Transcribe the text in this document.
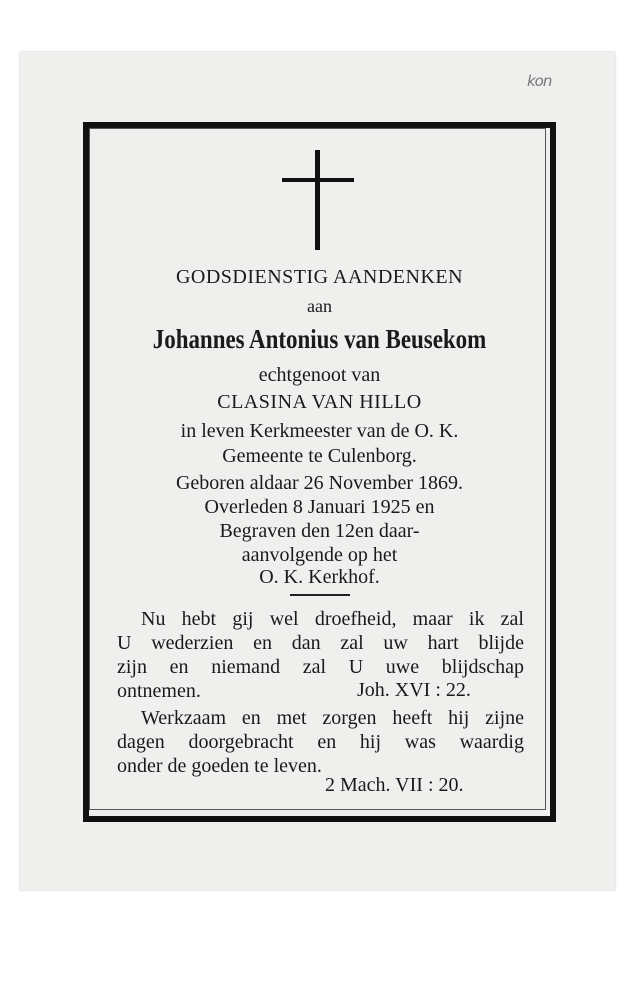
kon
GODSDIENSTIG AANDENKEN
aan
Johannes Antonius van Beusekom
echtgenoot van
CLASINA VAN HILLO
in leven Kerkmeester van de O. K.
Gemeente te Culenborg.
Geboren aldaar 26 November 1869.
Overleden 8 Januari 1925 en
Begraven den 12en daar-
aanvolgende op het
O. K. Kerkhof.
Nu hebt gij wel droefheid, maar ik zal
U wederzien en dan zal uw hart blijde
zijn en niemand zal U uwe blijdschap
ontnemen.	Joh. XVI : 22.
Werkzaam en met zorgen heeft hij zijne
dagen doorgebracht en hij was waardig
onder de goeden te leven.
2 Mach. VII : 20.
